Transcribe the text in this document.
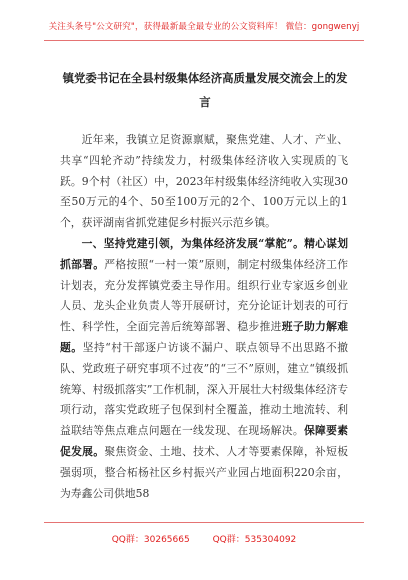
关注头条号"公文研究"，获得最新最全最专业的公文资料库！ 微信：gongwenyj
镇党委书记在全县村级集体经济高质量发展交流会上的发言

近年来，我镇立足资源禀赋，聚焦党建、人才、产业、共享“四轮齐动”持续发力，村级集体经济收入实现质的飞跃。9个村（社区）中，2023年村级集体经济纯收入实现30至50万元的4个、50至100万元的2个、100万元以上的1个，获评湖南省抓党建促乡村振兴示范乡镇。

一、坚持党建引领，为集体经济发展“掌舵”。精心谋划抓部署。严格按照“一村一策”原则，制定村级集体经济工作计划表，充分发挥镇党委主导作用。组织行业专家返乡创业人员、龙头企业负责人等开展研讨，充分论证计划表的可行性、科学性，全面完善后统筹部署、稳步推进班子助力解难题。坚持“村干部逐户访谈不漏户、联点领导不出思路不撤队、党政班子研究事项不过夜”的“三不”原则，建立“镇级抓统筹、村级抓落实”工作机制，深入开展壮大村级集体经济专项行动，落实党政班子包保到村全覆盖，推动土地流转、利益联结等焦点难点问题在一线发现、在现场解决。保障要素促发展。聚焦资金、土地、技术、人才等要素保障，补短板强弱项，整合柘杨社区乡村振兴产业园占地面积220余亩，为寿鑫公司供地58

QQ群：30265665	QQ群：535304092
